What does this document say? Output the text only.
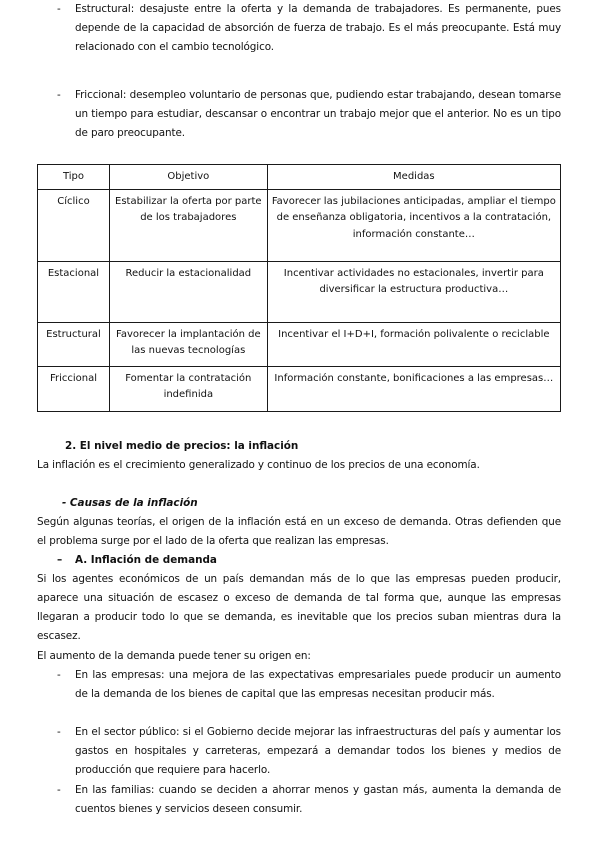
-	Estructural: desajuste entre la oferta y la demanda de trabajadores. Es permanente, pues depende de la capacidad de absorción de fuerza de trabajo. Es el más preocupante. Está muy relacionado con el cambio tecnológico.
-	Friccional: desempleo voluntario de personas que, pudiendo estar trabajando, desean tomarse un tiempo para estudiar, descansar o encontrar un trabajo mejor que el anterior. No es un tipo de paro preocupante.
Tipo	Objetivo	Medidas
Cíclico	Estabilizar la oferta por parte de los trabajadores	Favorecer las jubilaciones anticipadas, ampliar el tiempo de enseñanza obligatoria, incentivos a la contratación, información constante…
Estacional	Reducir la estacionalidad	Incentivar actividades no estacionales, invertir para diversificar la estructura productiva…
Estructural	Favorecer la implantación de las nuevas tecnologías	Incentivar el I+D+I, formación polivalente o reciclable
Friccional	Fomentar la contratación indefinida	Información constante, bonificaciones a las empresas…
2. El nivel medio de precios: la inflación
La inflación es el crecimiento generalizado y continuo de los precios de una economía.
- Causas de la inflación
Según algunas teorías, el origen de la inflación está en un exceso de demanda. Otras defienden que el problema surge por el lado de la oferta que realizan las empresas.
–	A. Inflación de demanda
Si los agentes económicos de un país demandan más de lo que las empresas pueden producir, aparece una situación de escasez o exceso de demanda de tal forma que, aunque las empresas llegaran a producir todo lo que se demanda, es inevitable que los precios suban mientras dura la escasez.
El aumento de la demanda puede tener su origen en:
-	En las empresas: una mejora de las expectativas empresariales puede producir un aumento de la demanda de los bienes de capital que las empresas necesitan producir más.
-	En el sector público: si el Gobierno decide mejorar las infraestructuras del país y aumentar los gastos en hospitales y carreteras, empezará a demandar todos los bienes y medios de producción que requiere para hacerlo.
-	En las familias: cuando se deciden a ahorrar menos y gastan más, aumenta la demanda de cuentos bienes y servicios deseen consumir.
